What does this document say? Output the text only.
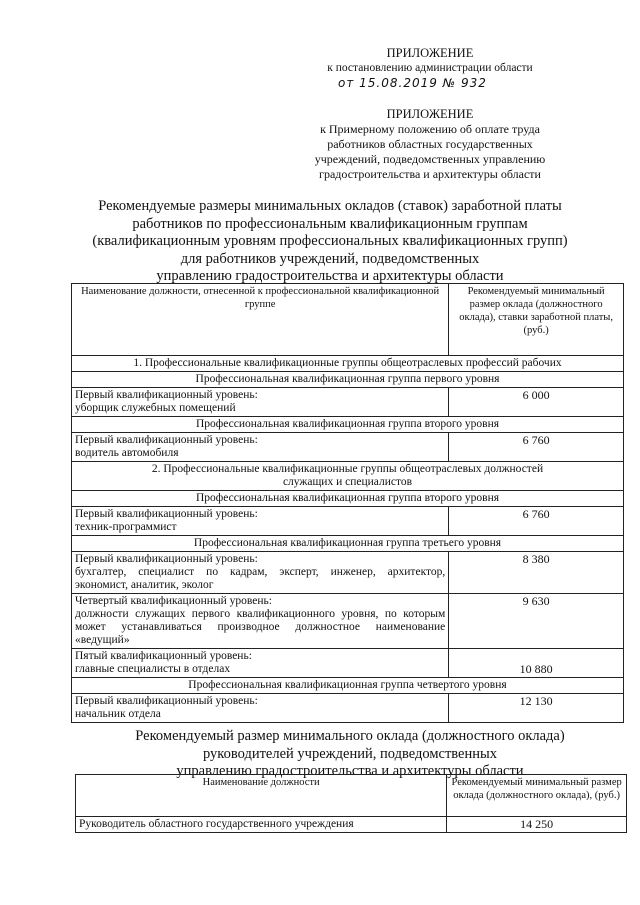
ПРИЛОЖЕНИЕ
к постановлению администрации области
от 15.08.2019 № 932
ПРИЛОЖЕНИЕ
к Примерному положению об оплате труда
работников областных государственных
учреждений, подведомственных управлению
градостроительства и архитектуры области
Рекомендуемые размеры минимальных окладов (ставок) заработной платы
работников по профессиональным квалификационным группам
(квалификационным уровням профессиональных квалификационных групп)
для работников учреждений, подведомственных
управлению градостроительства и архитектуры области
Наименование должности, отнесенной к профессиональной квалификационной группе	Рекомендуемый минимальный размер оклада (должностного оклада), ставки заработной платы, (руб.)
1. Профессиональные квалификационные группы общеотраслевых профессий рабочих	
Профессиональная квалификационная группа первого уровня	

Первый квалификационный уровень:
уборщик служебных помещений	6 000
Профессиональная квалификационная группа второго уровня	

Первый квалификационный уровень:
водитель автомобиля	6 760

2. Профессиональные квалификационные группы общеотраслевых должностей
служащих и специалистов	

Профессиональная квалификационная группа второго уровня	

Первый квалификационный уровень:
техник-программист	6 760
Профессиональная квалификационная группа третьего уровня	

Первый квалификационный уровень:
бухгалтер, специалист по кадрам, эксперт, инженер, архитектор, экономист, аналитик, эколог	8 380

Четвертый квалификационный уровень:
должности служащих первого квалификационного уровня, по которым может устанавливаться производное должностное наименование «ведущий»	9 630

Пятый квалификационный уровень:
главные специалисты в отделах	10 880
Профессиональная квалификационная группа четвертого уровня	

Первый квалификационный уровень:
начальник отдела	12 130
Рекомендуемый размер минимального оклада (должностного оклада)
руководителей учреждений, подведомственных
управлению градостроительства и архитектуры области
Наименование должности	Рекомендуемый минимальный размер оклада (должностного оклада), (руб.)
Руководитель областного государственного учреждения	14 250
